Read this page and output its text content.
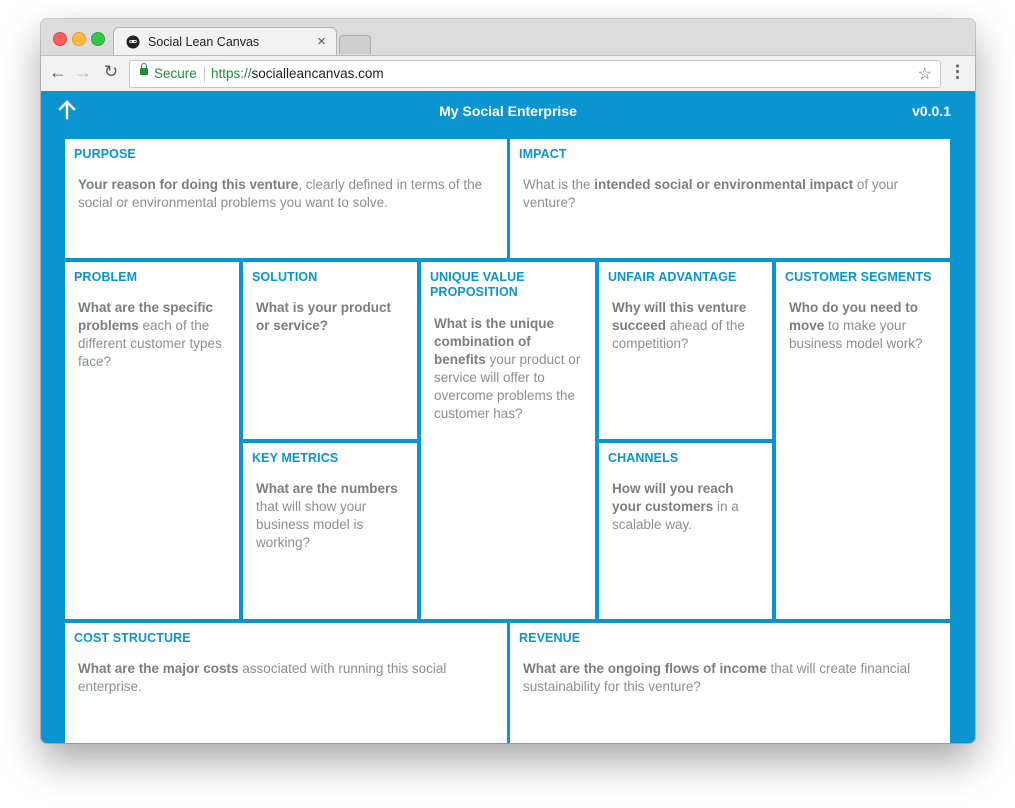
Social Lean Canvas	×
← → ↻	Secure https://socialleancanvas.com	☆ ⋮
My Social Enterprise	v0.0.1
PURPOSE
Your reason for doing this venture, clearly defined in terms of the social or environmental problems you want to solve.
IMPACT
What is the intended social or environmental impact of your venture?
PROBLEM
What are the specific problems each of the different customer types face?
SOLUTION
What is your product or service?
KEY METRICS
What are the numbers that will show your business model is working?
UNIQUE VALUE PROPOSITION
What is the unique combination of benefits your product or service will offer to overcome problems the customer has?
UNFAIR ADVANTAGE
Why will this venture succeed ahead of the competition?
CHANNELS
How will you reach your customers in a scalable way.
CUSTOMER SEGMENTS
Who do you need to move to make your business model work?
COST STRUCTURE
What are the major costs associated with running this social enterprise.
REVENUE
What are the ongoing flows of income that will create financial sustainability for this venture?
